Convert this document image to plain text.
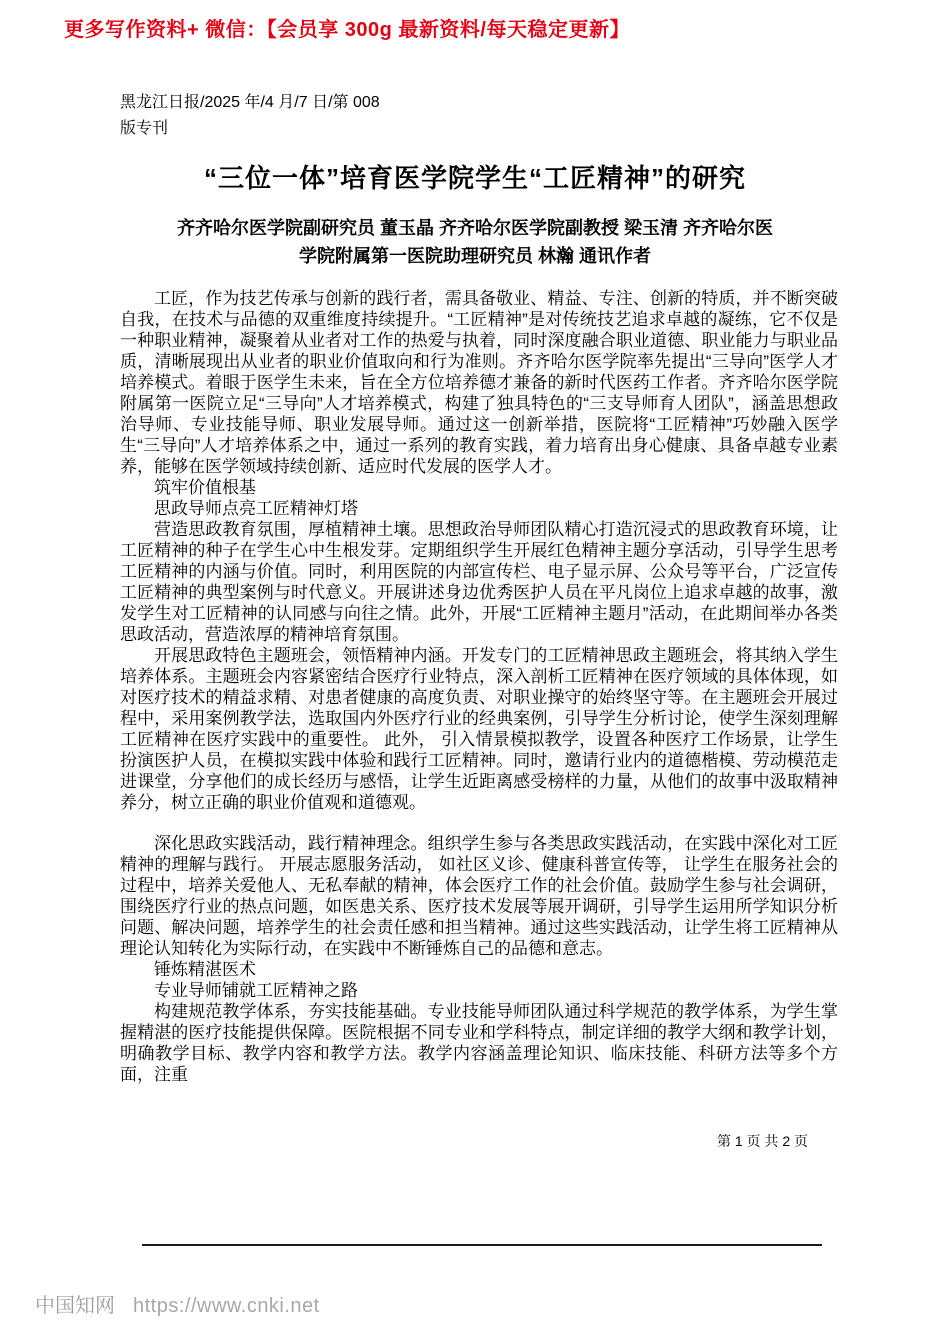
更多写作资料+ 微信：【会员享 300g 最新资料/每天稳定更新】
黑龙江日报/2025 年/4 月/7 日/第 008
版专刊
“三位一体”培育医学院学生“工匠精神”的研究
齐齐哈尔医学院副研究员 董玉晶 齐齐哈尔医学院副教授 梁玉清 齐齐哈尔医
学院附属第一医院助理研究员 林瀚 通讯作者

工匠，作为技艺传承与创新的践行者，需具备敬业、精益、专注、创新的特质，并不断突破自我，在技术与品德的双重维度持续提升。“工匠精神”是对传统技艺追求卓越的凝练，它不仅是一种职业精神，凝聚着从业者对工作的热爱与执着，同时深度融合职业道德、职业能力与职业品质，清晰展现出从业者的职业价值取向和行为准则。齐齐哈尔医学院率先提出“三导向”医学人才培养模式。着眼于医学生未来，旨在全方位培养德才兼备的新时代医药工作者。齐齐哈尔医学院附属第一医院立足“三导向”人才培养模式，构建了独具特色的“三支导师育人团队”，涵盖思想政治导师、专业技能导师、职业发展导师。通过这一创新举措，医院将“工匠精神”巧妙融入医学生“三导向”人才培养体系之中，通过一系列的教育实践，着力培育出身心健康、具备卓越专业素养，能够在医学领域持续创新、适应时代发展的医学人才。

筑牢价值根基

思政导师点亮工匠精神灯塔

营造思政教育氛围，厚植精神土壤。思想政治导师团队精心打造沉浸式的思政教育环境，让工匠精神的种子在学生心中生根发芽。定期组织学生开展红色精神主题分享活动，引导学生思考工匠精神的内涵与价值。同时，利用医院的内部宣传栏、电子显示屏、公众号等平台，广泛宣传工匠精神的典型案例与时代意义。开展讲述身边优秀医护人员在平凡岗位上追求卓越的故事，激发学生对工匠精神的认同感与向往之情。此外，开展“工匠精神主题月”活动，在此期间举办各类思政活动，营造浓厚的精神培育氛围。

开展思政特色主题班会，领悟精神内涵。开发专门的工匠精神思政主题班会，将其纳入学生培养体系。主题班会内容紧密结合医疗行业特点，深入剖析工匠精神在医疗领域的具体体现，如对医疗技术的精益求精、对患者健康的高度负责、对职业操守的始终坚守等。在主题班会开展过程中，采用案例教学法，选取国内外医疗行业的经典案例，引导学生分析讨论，使学生深刻理解工匠精神在医疗实践中的重要性。 此外， 引入情景模拟教学，设置各种医疗工作场景，让学生扮演医护人员，在模拟实践中体验和践行工匠精神。同时，邀请行业内的道德楷模、劳动模范走进课堂，分享他们的成长经历与感悟，让学生近距离感受榜样的力量，从他们的故事中汲取精神养分，树立正确的职业价值观和道德观。

深化思政实践活动，践行精神理念。组织学生参与各类思政实践活动，在实践中深化对工匠精神的理解与践行。 开展志愿服务活动， 如社区义诊、健康科普宣传等， 让学生在服务社会的过程中，培养关爱他人、无私奉献的精神，体会医疗工作的社会价值。鼓励学生参与社会调研，围绕医疗行业的热点问题，如医患关系、医疗技术发展等展开调研，引导学生运用所学知识分析问题、解决问题，培养学生的社会责任感和担当精神。通过这些实践活动，让学生将工匠精神从理论认知转化为实际行动，在实践中不断锤炼自己的品德和意志。

锤炼精湛医术

专业导师铺就工匠精神之路

构建规范教学体系，夯实技能基础。专业技能导师团队通过科学规范的教学体系，为学生掌握精湛的医疗技能提供保障。医院根据不同专业和学科特点，制定详细的教学大纲和教学计划，明确教学目标、教学内容和教学方法。教学内容涵盖理论知识、临床技能、科研方法等多个方面，注重

第 1 页 共 2 页
中国知网 https://www.cnki.net
